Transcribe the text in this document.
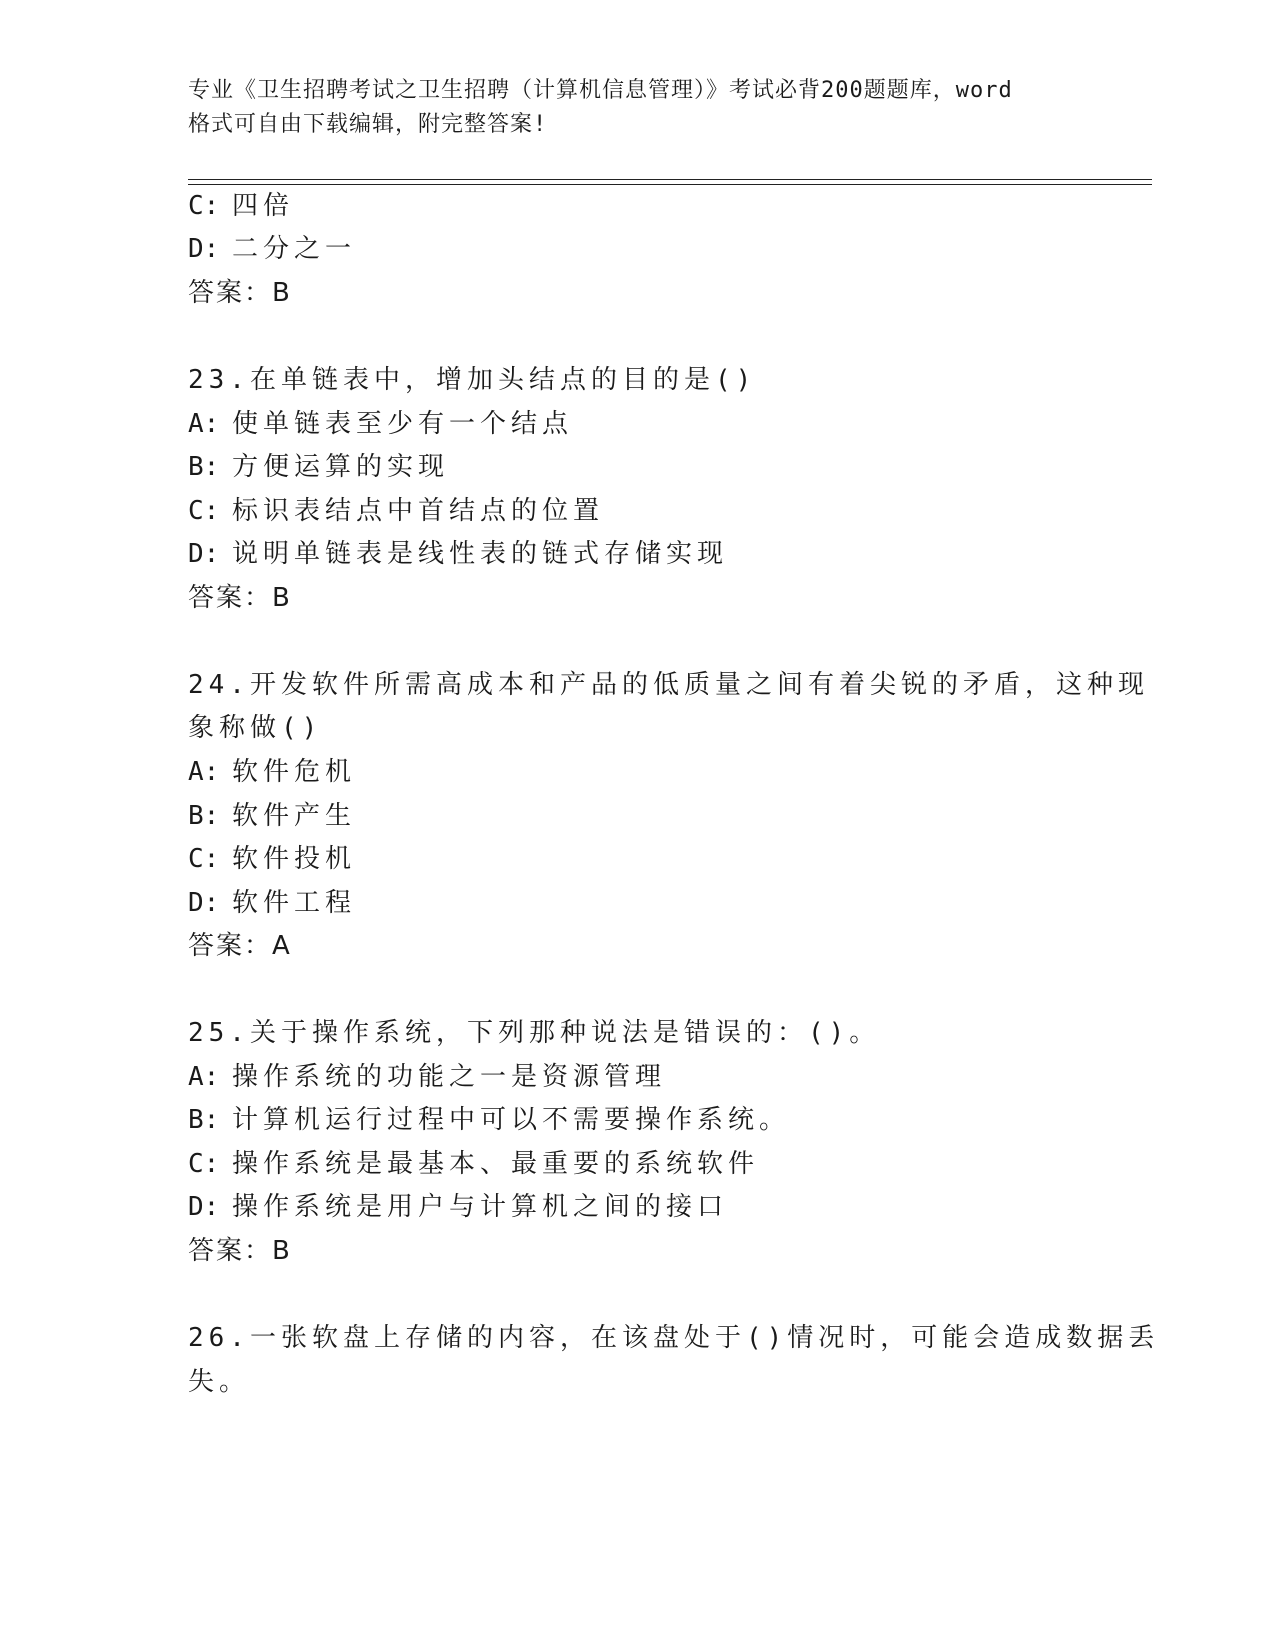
专业《卫生招聘考试之卫生招聘（计算机信息管理）》考试必背200题题库，word
格式可自由下载编辑，附完整答案!
C: 四倍
D: 二分之一
答案：B
23.在单链表中，增加头结点的目的是()
A: 使单链表至少有一个结点
B: 方便运算的实现
C: 标识表结点中首结点的位置
D: 说明单链表是线性表的链式存储实现
答案：B
24.开发软件所需高成本和产品的低质量之间有着尖锐的矛盾，这种现
象称做()
A: 软件危机
B: 软件产生
C: 软件投机
D: 软件工程
答案：A
25.关于操作系统，下列那种说法是错误的：()。
A: 操作系统的功能之一是资源管理
B: 计算机运行过程中可以不需要操作系统。
C: 操作系统是最基本、最重要的系统软件
D: 操作系统是用户与计算机之间的接口
答案：B
26.一张软盘上存储的内容，在该盘处于()情况时，可能会造成数据丢
失。
